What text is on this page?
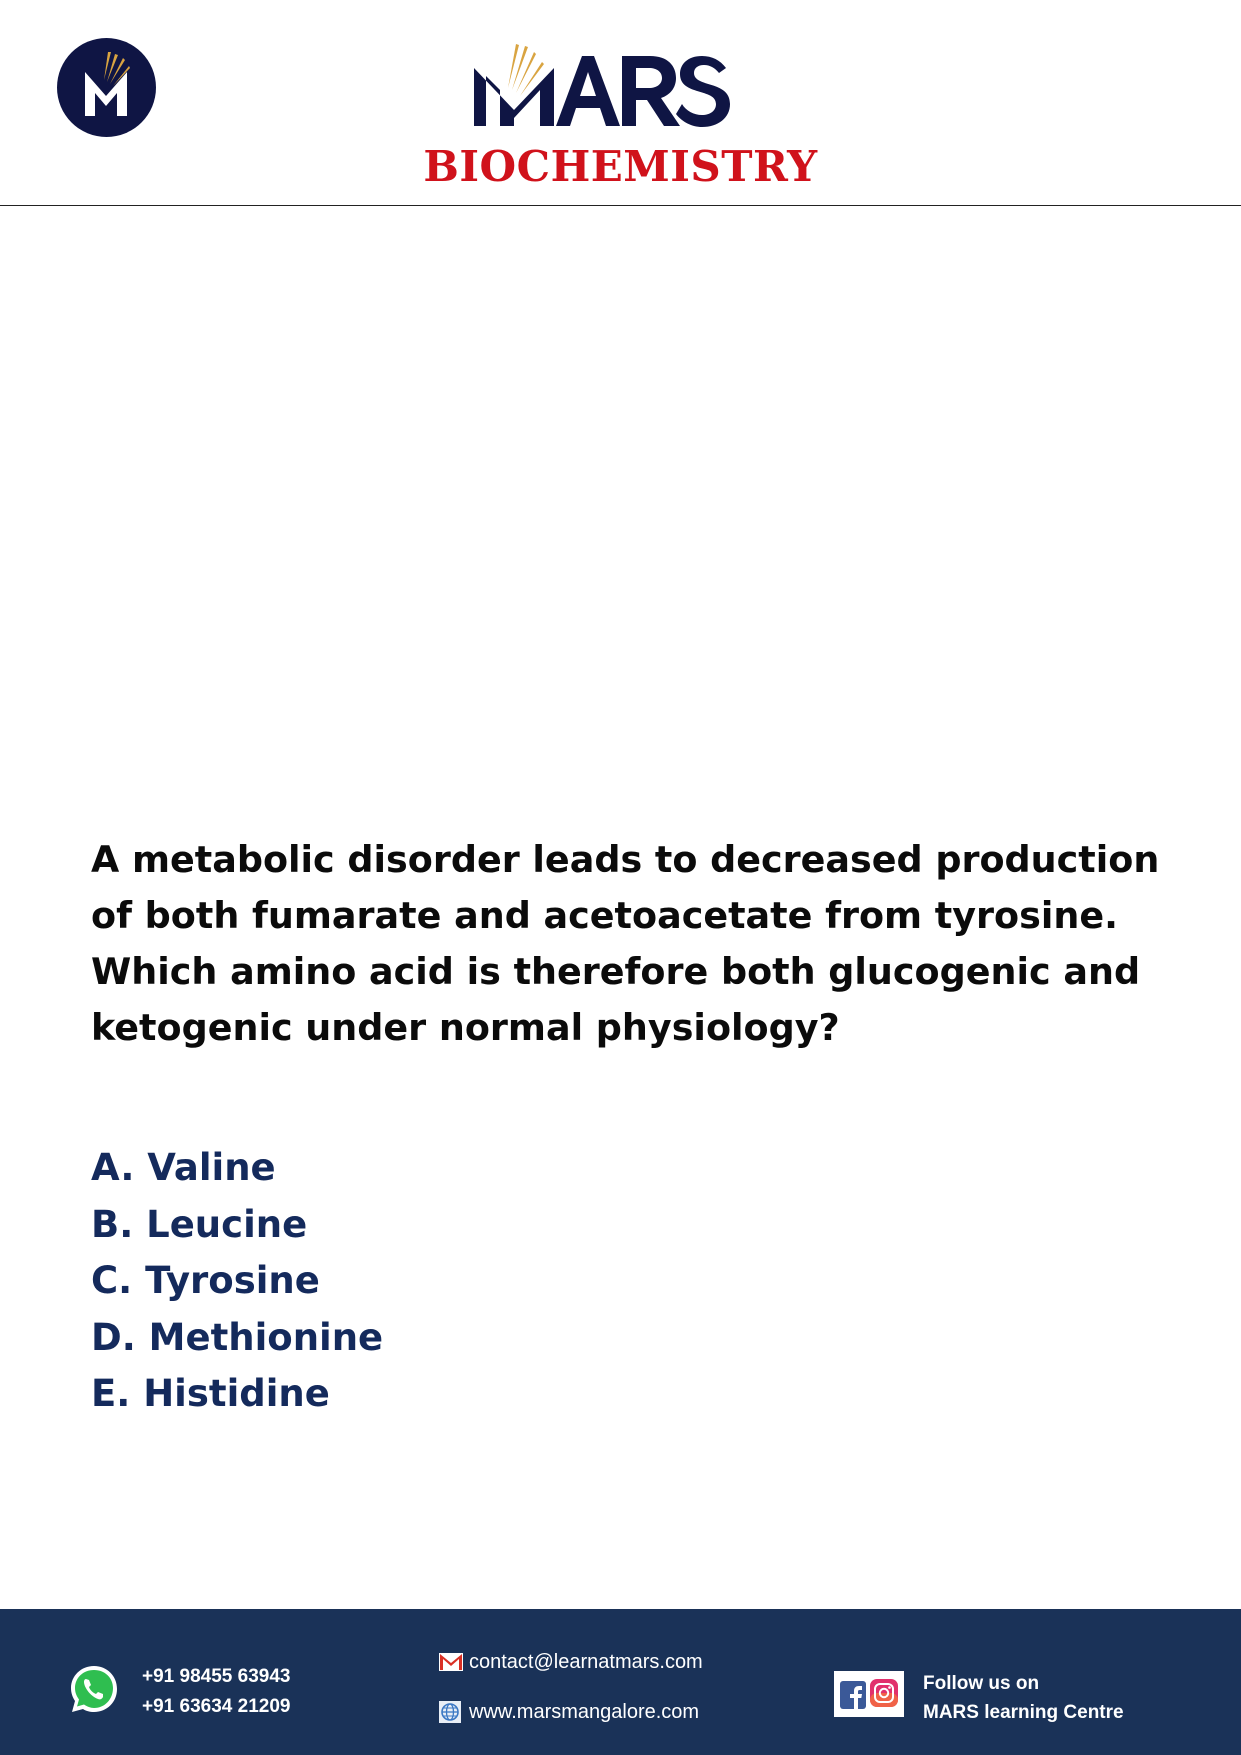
BIOCHEMISTRY

A metabolic disorder leads to decreased production of both fumarate and acetoacetate from tyrosine. Which amino acid is therefore both glucogenic and ketogenic under normal physiology?

A. Valine
B. Leucine
C. Tyrosine
D. Methionine
E. Histidine
+91 98455 63943
+91 63634 21209
contact@learnatmars.com
www.marsmangalore.com
Follow us on
MARS learning Centre
